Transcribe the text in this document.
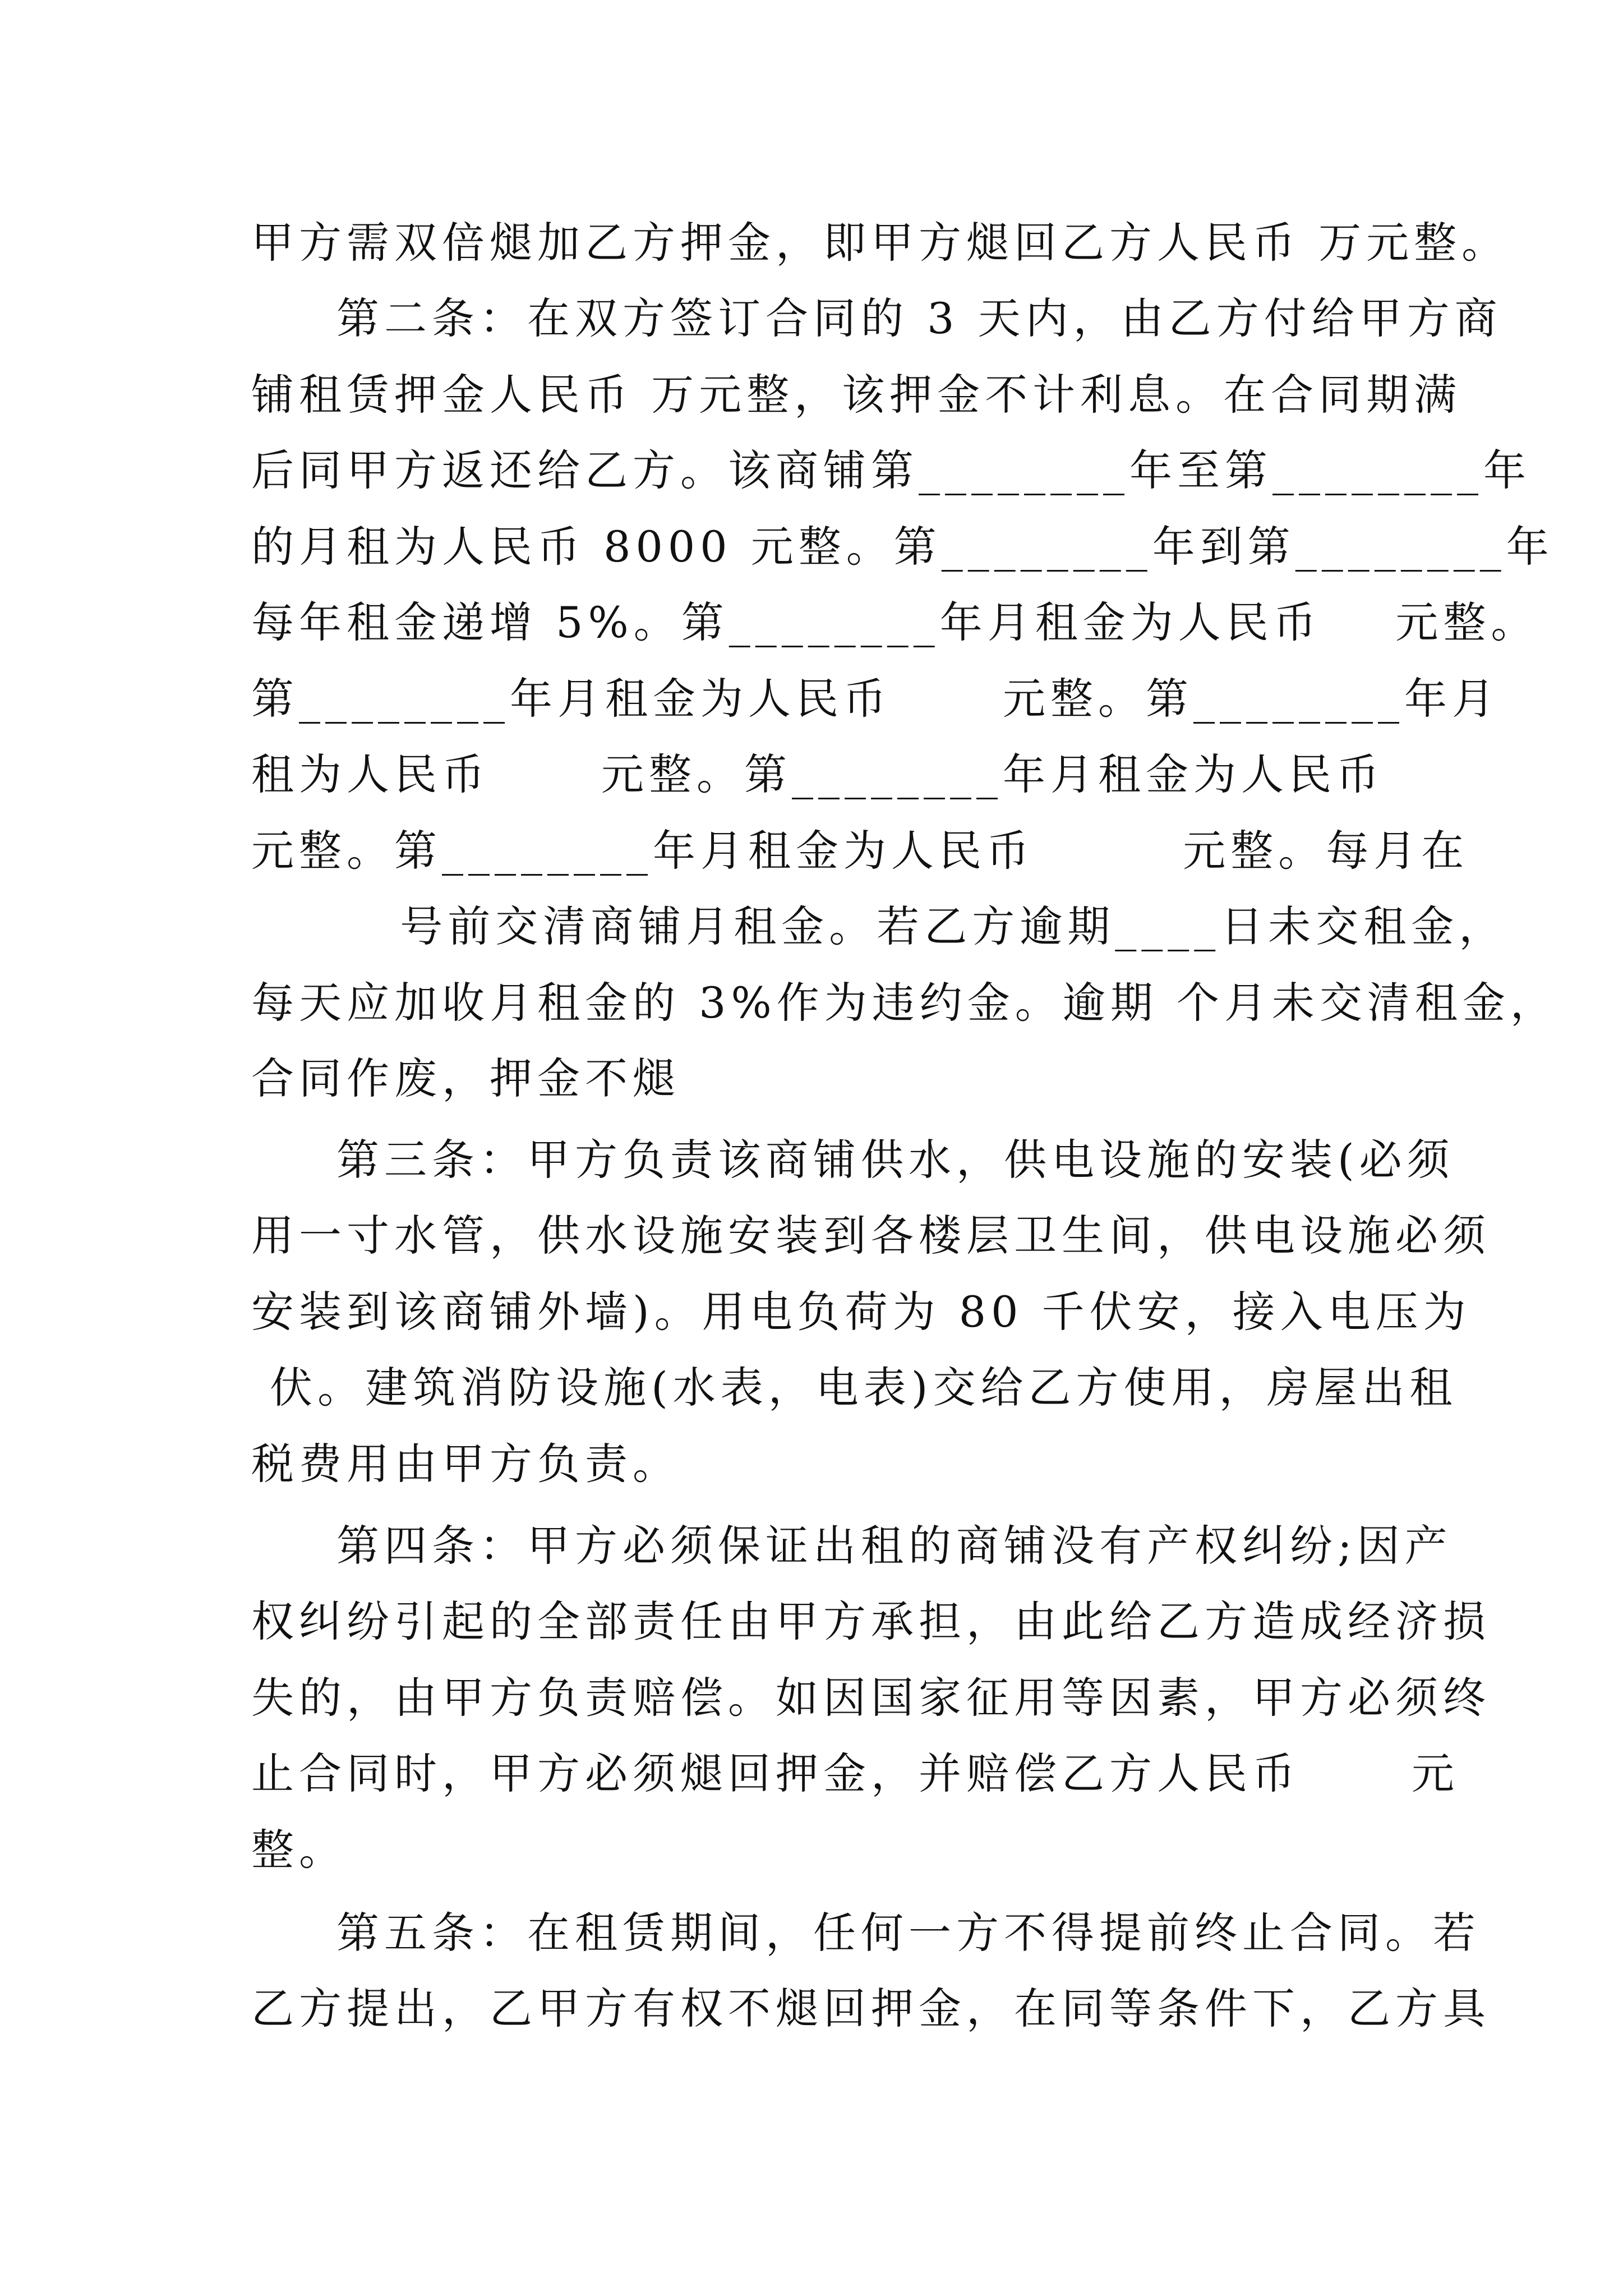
甲方需双倍煺加乙方押金，即甲方煺回乙方人民币 万元整。
第二条：在双方签订合同的 3 天内，由乙方付给甲方商
铺租赁押金人民币 万元整，该押金不计利息。在合同期满
后同甲方返还给乙方。该商铺第________年至第________年
的月租为人民币 8000 元整。第________年到第________年
每年租金递增 5%。第________年月租金为人民币    元整。
第________年月租金为人民币      元整。第________年月
租为人民币      元整。第________年月租金为人民币
元整。第________年月租金为人民币        元整。每月在
号前交清商铺月租金。若乙方逾期____日未交租金，
每天应加收月租金的 3%作为违约金。逾期 个月未交清租金，
合同作废，押金不煺
第三条：甲方负责该商铺供水，供电设施的安装(必须
用一寸水管，供水设施安装到各楼层卫生间，供电设施必须
安装到该商铺外墙)。用电负荷为 80 千伏安，接入电压为
伏。建筑消防设施(水表，电表)交给乙方使用，房屋出租
税费用由甲方负责。
第四条：甲方必须保证出租的商铺没有产权纠纷;因产
权纠纷引起的全部责任由甲方承担，由此给乙方造成经济损
失的，由甲方负责赔偿。如因国家征用等因素，甲方必须终
止合同时，甲方必须煺回押金，并赔偿乙方人民币      元
整。
第五条：在租赁期间，任何一方不得提前终止合同。若
乙方提出，乙甲方有权不煺回押金，在同等条件下，乙方具
